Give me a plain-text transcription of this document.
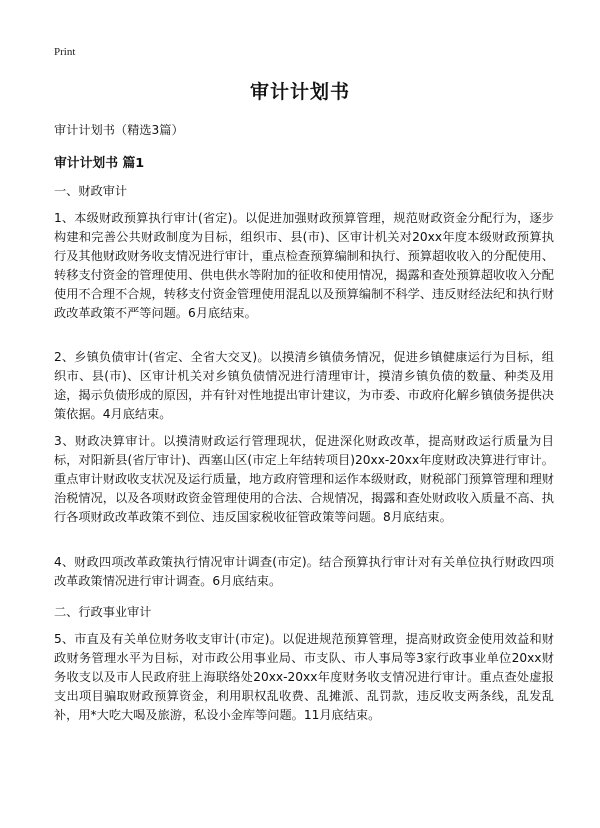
Print
审计计划书
审计计划书（精选3篇）
审计计划书 篇1
一、财政审计
1、本级财政预算执行审计(省定)。以促进加强财政预算管理，规范财政资金分配行为，逐步构建和完善公共财政制度为目标，组织市、县(市)、区审计机关对20xx年度本级财政预算执行及其他财政财务收支情况进行审计，重点检查预算编制和执行、预算超收收入的分配使用、转移支付资金的管理使用、供电供水等附加的征收和使用情况，揭露和查处预算超收收入分配使用不合理不合规，转移支付资金管理使用混乱以及预算编制不科学、违反财经法纪和执行财政改革政策不严等问题。6月底结束。
2、乡镇负债审计(省定、全省大交叉)。以摸清乡镇债务情况，促进乡镇健康运行为目标，组织市、县(市)、区审计机关对乡镇负债情况进行清理审计，摸清乡镇负债的数量、种类及用途，揭示负债形成的原因，并有针对性地提出审计建议，为市委、市政府化解乡镇债务提供决策依据。4月底结束。
3、财政决算审计。以摸清财政运行管理现状，促进深化财政改革，提高财政运行质量为目标，对阳新县(省厅审计)、西塞山区(市定上年结转项目)20xx-20xx年度财政决算进行审计。重点审计财政收支状况及运行质量，地方政府管理和运作本级财政，财税部门预算管理和理财治税情况，以及各项财政资金管理使用的合法、合规情况，揭露和查处财政收入质量不高、执行各项财政改革政策不到位、违反国家税收征管政策等问题。8月底结束。
4、财政四项改革政策执行情况审计调查(市定)。结合预算执行审计对有关单位执行财政四项改革政策情况进行审计调查。6月底结束。
二、行政事业审计
5、市直及有关单位财务收支审计(市定)。以促进规范预算管理，提高财政资金使用效益和财政财务管理水平为目标，对市政公用事业局、市支队、市人事局等3家行政事业单位20xx财务收支以及市人民政府驻上海联络处20xx-20xx年度财务收支情况进行审计。重点查处虚报支出项目骗取财政预算资金，利用职权乱收费、乱摊派、乱罚款，违反收支两条线，乱发乱补，用*大吃大喝及旅游，私设小金库等问题。11月底结束。
